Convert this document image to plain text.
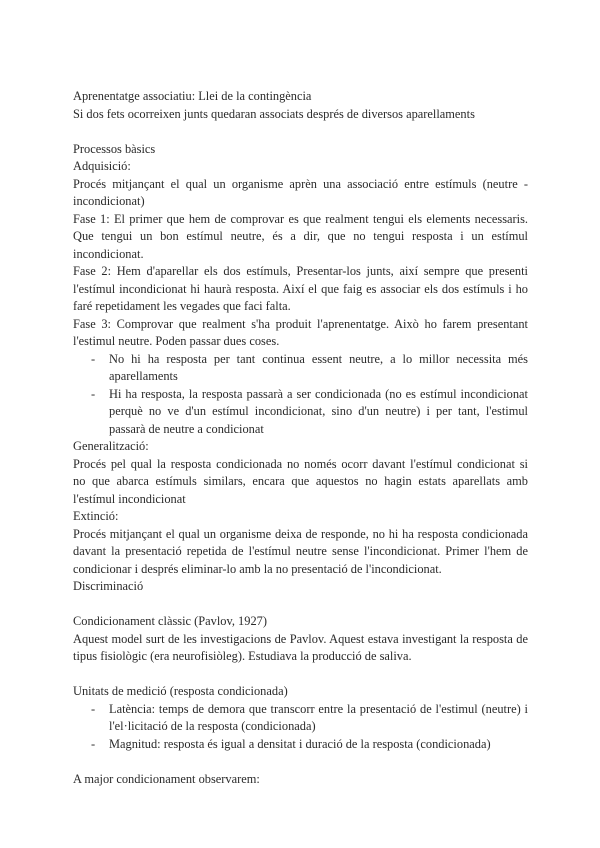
Aprenentatge associatiu: Llei de la contingència
Si dos fets ocorreixen junts quedaran associats després de diversos aparellaments
Processos bàsics
Adquisició:
Procés mitjançant el qual un organisme aprèn una associació entre estímuls (neutre -
incondicionat)
Fase 1: El primer que hem de comprovar es que realment tengui els elements necessaris.
Que tengui un bon estímul neutre, és a dir, que no tengui resposta i un estímul
incondicionat.
Fase 2: Hem d'aparellar els dos estímuls, Presentar-los junts, així sempre que presenti
l'estímul incondicionat hi haurà resposta. Així el que faig es associar els dos estímuls i ho
faré repetidament les vegades que faci falta.
Fase 3: Comprovar que realment s'ha produit l'aprenentatge. Això ho farem presentant
l'estimul neutre. Poden passar dues coses.
- No hi ha resposta per tant continua essent neutre, a lo millor necessita més
aparellaments
- Hi ha resposta, la resposta passarà a ser condicionada (no es estímul incondicionat
perquè no ve d'un estímul incondicionat, sino d'un neutre) i per tant, l'estimul
passarà de neutre a condicionat
Generalització:
Procés pel qual la resposta condicionada no només ocorr davant l'estímul condicionat si
no que abarca estímuls similars, encara que aquestos no hagin estats aparellats amb
l'estímul incondicionat
Extinció:
Procés mitjançant el qual un organisme deixa de responde, no hi ha resposta condicionada
davant la presentació repetida de l'estímul neutre sense l'incondicionat. Primer l'hem de
condicionar i després eliminar-lo amb la no presentació de l'incondicionat.
Discriminació
Condicionament clàssic (Pavlov, 1927)
Aquest model surt de les investigacions de Pavlov. Aquest estava investigant la resposta de
tipus fisiològic (era neurofisiòleg). Estudiava la producció de saliva.
Unitats de medició (resposta condicionada)
- Latència: temps de demora que transcorr entre la presentació de l'estimul (neutre) i
l'el·licitació de la resposta (condicionada)
- Magnitud: resposta és igual a densitat i duració de la resposta (condicionada)
A major condicionament observarem:
